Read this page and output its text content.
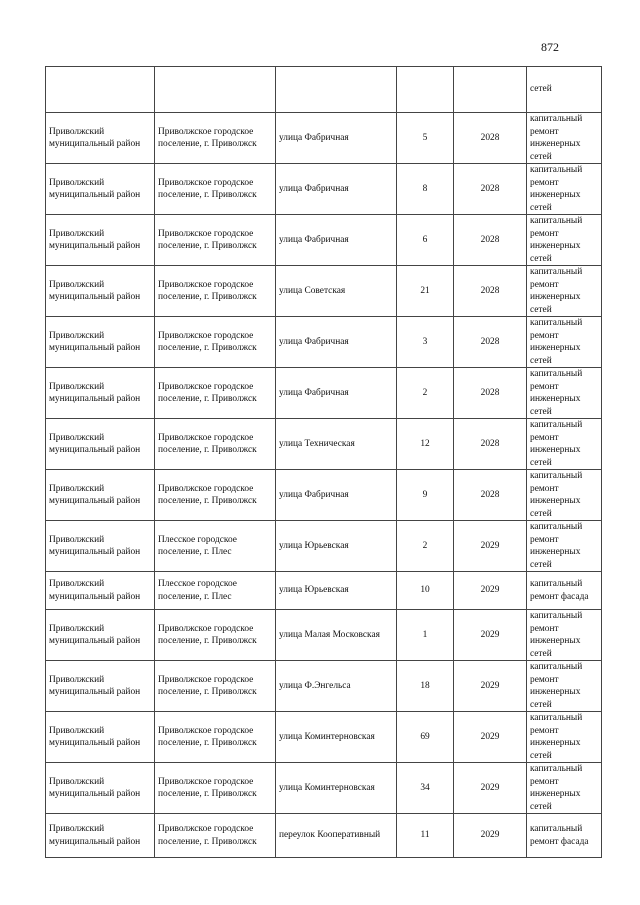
872
					сетей
Приволжский муниципальный район	Приволжское городское поселение, г. Приволжск	улица Фабричная	5	2028	капитальный ремонт инженерных сетей
Приволжский муниципальный район	Приволжское городское поселение, г. Приволжск	улица Фабричная	8	2028	капитальный ремонт инженерных сетей
Приволжский муниципальный район	Приволжское городское поселение, г. Приволжск	улица Фабричная	6	2028	капитальный ремонт инженерных сетей
Приволжский муниципальный район	Приволжское городское поселение, г. Приволжск	улица Советская	21	2028	капитальный ремонт инженерных сетей
Приволжский муниципальный район	Приволжское городское поселение, г. Приволжск	улица Фабричная	3	2028	капитальный ремонт инженерных сетей
Приволжский муниципальный район	Приволжское городское поселение, г. Приволжск	улица Фабричная	2	2028	капитальный ремонт инженерных сетей
Приволжский муниципальный район	Приволжское городское поселение, г. Приволжск	улица Техническая	12	2028	капитальный ремонт инженерных сетей
Приволжский муниципальный район	Приволжское городское поселение, г. Приволжск	улица Фабричная	9	2028	капитальный ремонт инженерных сетей
Приволжский муниципальный район	Плесское городское поселение, г. Плес	улица Юрьевская	2	2029	капитальный ремонт инженерных сетей
Приволжский муниципальный район	Плесское городское поселение, г. Плес	улица Юрьевская	10	2029	капитальный ремонт фасада
Приволжский муниципальный район	Приволжское городское поселение, г. Приволжск	улица Малая Московская	1	2029	капитальный ремонт инженерных сетей
Приволжский муниципальный район	Приволжское городское поселение, г. Приволжск	улица Ф.Энгельса	18	2029	капитальный ремонт инженерных сетей
Приволжский муниципальный район	Приволжское городское поселение, г. Приволжск	улица Коминтерновская	69	2029	капитальный ремонт инженерных сетей
Приволжский муниципальный район	Приволжское городское поселение, г. Приволжск	улица Коминтерновская	34	2029	капитальный ремонт инженерных сетей
Приволжский муниципальный район	Приволжское городское поселение, г. Приволжск	переулок Кооперативный	11	2029	капитальный ремонт фасада
